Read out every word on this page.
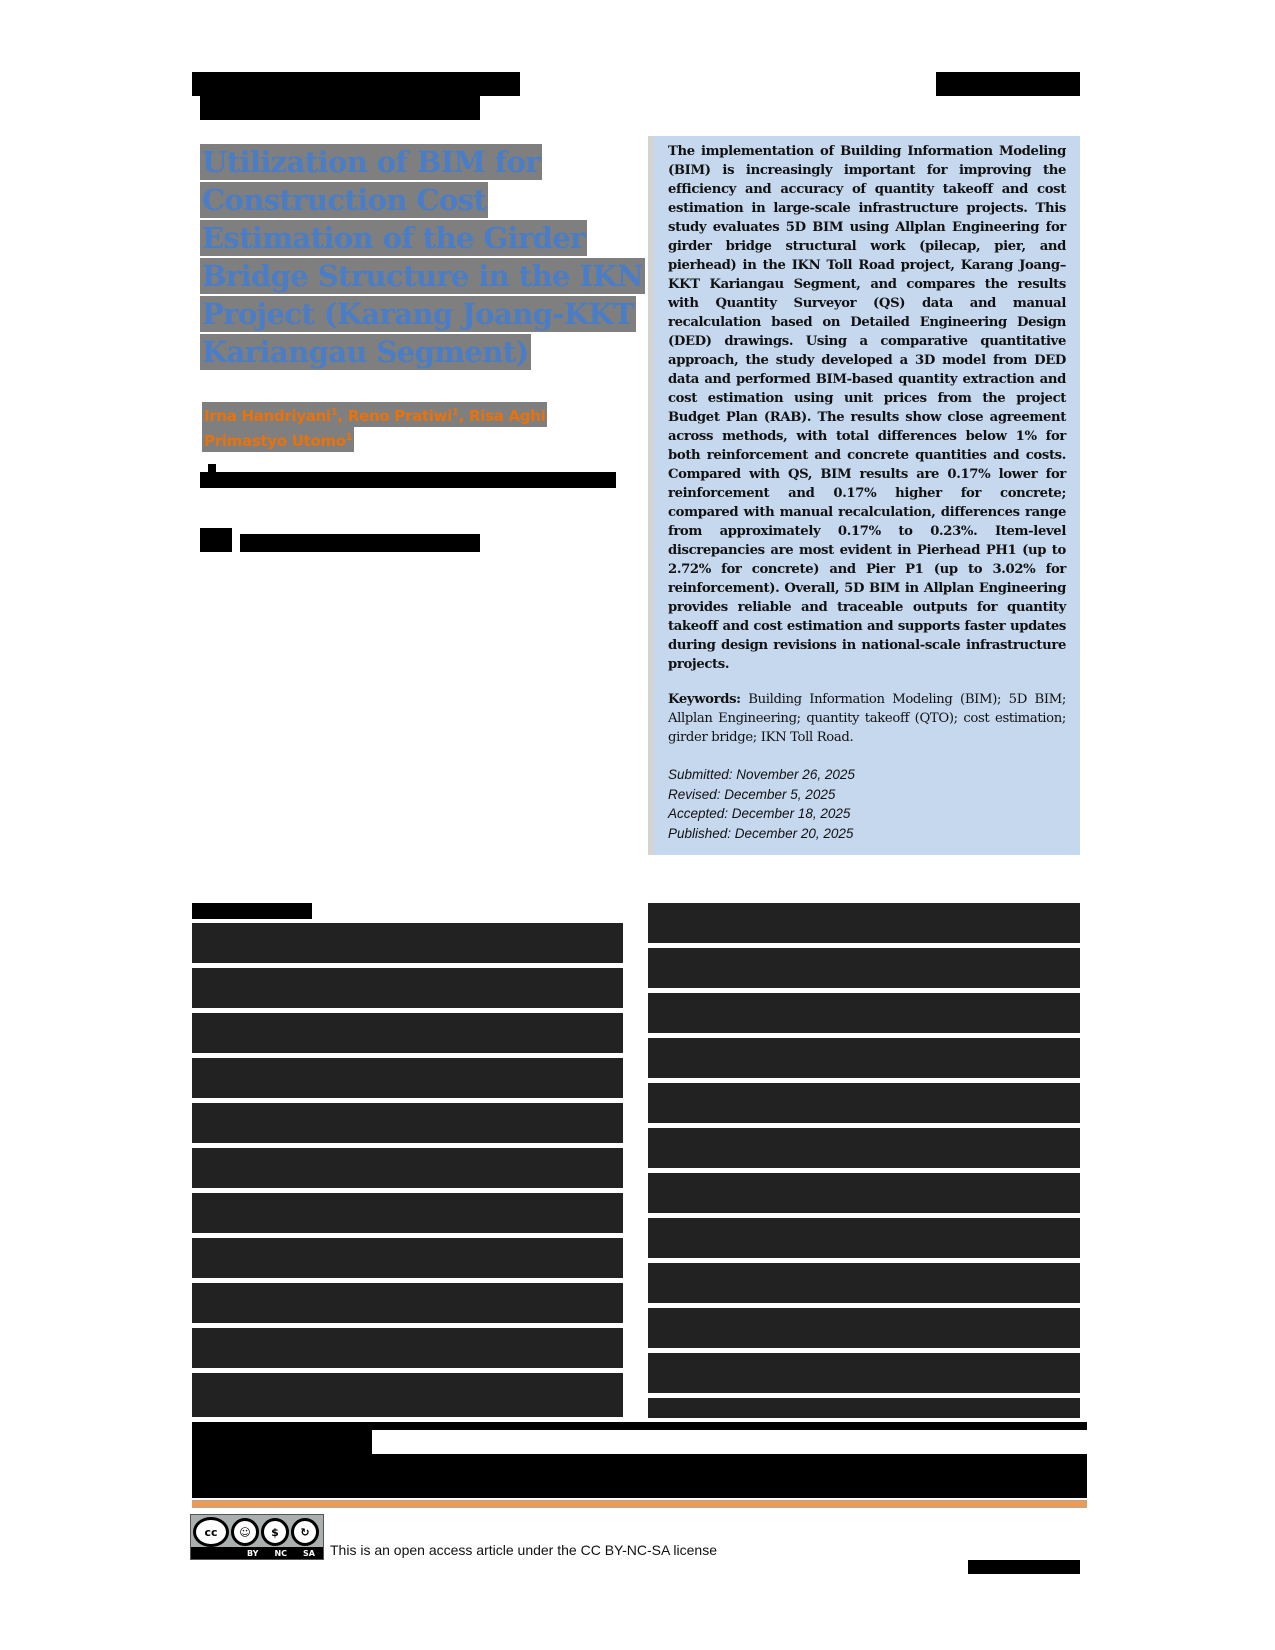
Utilization of BIM for
Construction Cost
Estimation of the Girder
Bridge Structure in the IKN
Project (Karang Joang-KKT
Kariangau Segment)
Irna Handriyani$^1$, Reno Pratiwi$^1$, Risa Aghi
Primastyo Utomo$^1$
The implementation of Building Information Modeling (BIM) is increasingly important for improving the efficiency and accuracy of quantity takeoff and cost estimation in large-scale infrastructure projects. This study evaluates 5D BIM using Allplan Engineering for girder bridge structural work (pilecap, pier, and pierhead) in the IKN Toll Road project, Karang Joang–KKT Kariangau Segment, and compares the results with Quantity Surveyor (QS) data and manual recalculation based on Detailed Engineering Design (DED) drawings. Using a comparative quantitative approach, the study developed a 3D model from DED data and performed BIM-based quantity extraction and cost estimation using unit prices from the project Budget Plan (RAB). The results show close agreement across methods, with total differences below 1% for both reinforcement and concrete quantities and costs. Compared with QS, BIM results are 0.17% lower for reinforcement and 0.17% higher for concrete; compared with manual recalculation, differences range from approximately 0.17% to 0.23%. Item-level discrepancies are most evident in Pierhead PH1 (up to 2.72% for concrete) and Pier P1 (up to 3.02% for reinforcement). Overall, 5D BIM in Allplan Engineering provides reliable and traceable outputs for quantity takeoff and cost estimation and supports faster updates during design revisions in national-scale infrastructure projects.
Keywords: Building Information Modeling (BIM); 5D BIM; Allplan Engineering; quantity takeoff (QTO); cost estimation; girder bridge; IKN Toll Road.
Submitted: November 26, 2025
Revised: December 5, 2025
Accepted: December 18, 2025
Published: December 20, 2025
cc	☺	$	↻
BY NC SA This is an open access article under the CC BY-NC-SA license
